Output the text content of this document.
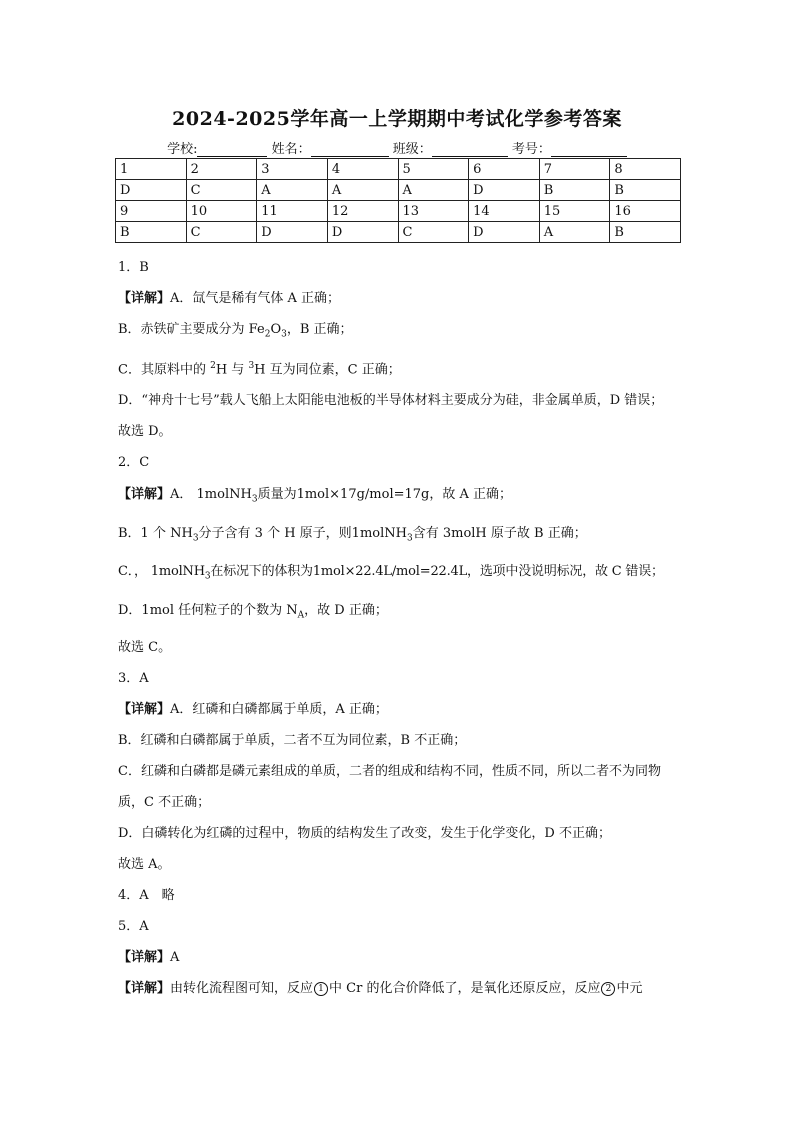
2024-2025学年高一上学期期中考试化学参考答案
学校:	姓名：	班级：	考号：
1	2	3	4	5	6	7	8
D	C	A	A	A	D	B	B
9	10	11	12	13	14	15	16
B	C	D	D	C	D	A	B

1．B

【详解】A．氙气是稀有气体 A 正确；

B．赤铁矿主要成分为 $Fe_2O_3$，B 正确；

C．其原料中的 $^2$H 与 $^3$H 互为同位素，C 正确；

D．“神舟十七号”载人飞船上太阳能电池板的半导体材料主要成分为硅，非金属单质，D 错误；

故选 D。

2．C

【详解】A． 1molNH$_3$质量为1mol×17g/mol=17g，故 A 正确；

B．1 个 $NH_3$分子含有 3 个 H 原子，则1molNH$_3$含有 3molH 原子故 B 正确；

C．， 1molNH$_3$在标况下的体积为1mol×22.4L/mol=22.4L，选项中没说明标况，故 C 错误；

D．1mol 任何粒子的个数为 $N_A$，故 D 正确；

故选 C。

3．A

【详解】A．红磷和白磷都属于单质，A 正确；

B．红磷和白磷都属于单质，二者不互为同位素，B 不正确；

C．红磷和白磷都是磷元素组成的单质，二者的组成和结构不同，性质不同，所以二者不为同物质，C 不正确；

D．白磷转化为红磷的过程中，物质的结构发生了改变，发生于化学变化，D 不正确；

故选 A。

4．A　略

5．A

【详解】A

【详解】由转化流程图可知，反应 1 中 Cr 的化合价降低了，是氧化还原反应，反应 2 中元
